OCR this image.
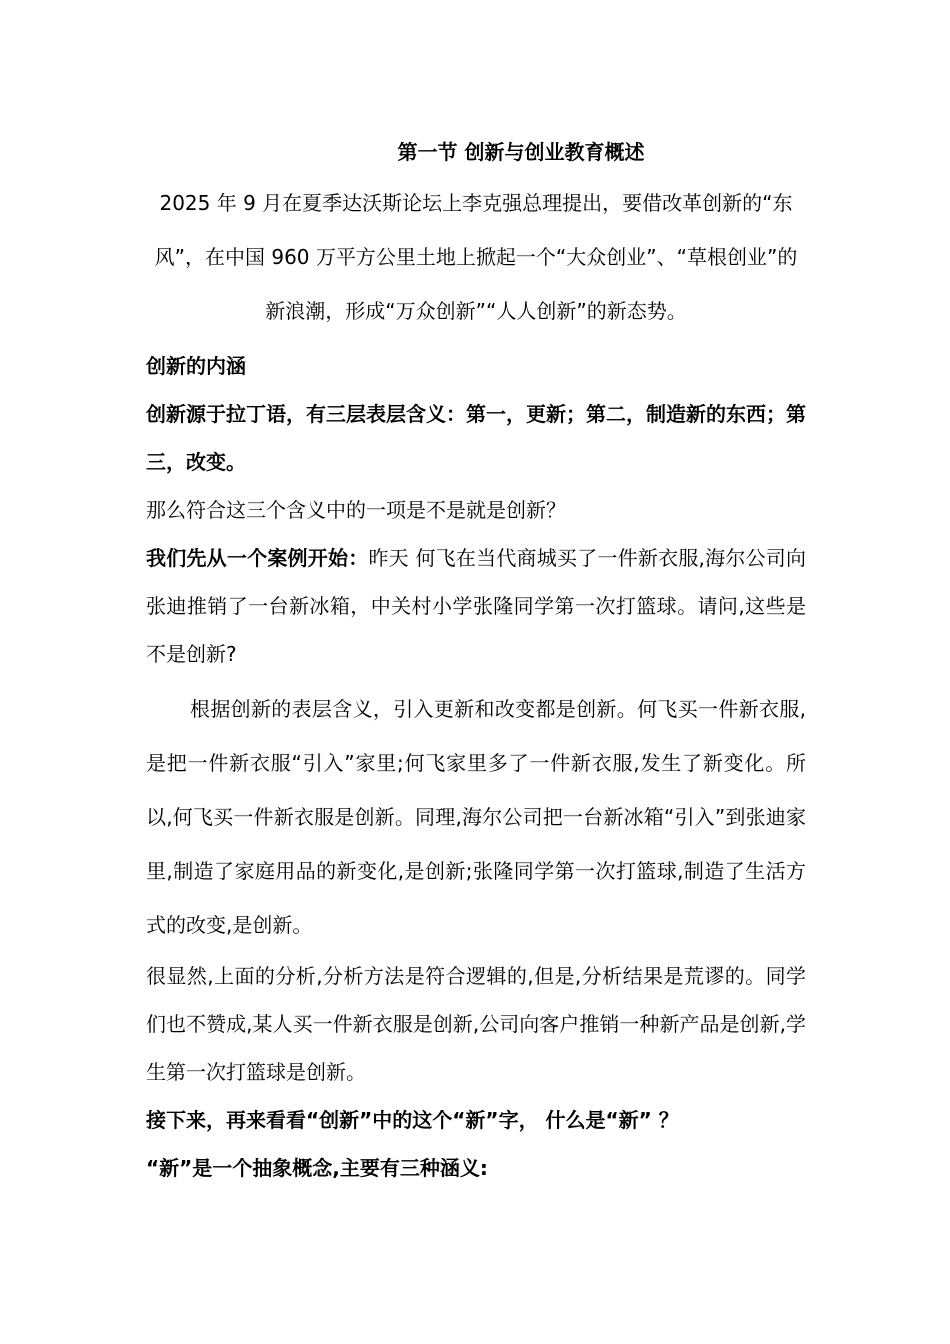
第一节 创新与创业教育概述

2025 年 9 月在夏季达沃斯论坛上李克强总理提出，要借改革创新的“东风”，在中国 960 万平方公里土地上掀起一个“大众创业”、“草根创业”的新浪潮，形成“万众创新”“人人创新”的新态势。

创新的内涵

创新源于拉丁语，有三层表层含义：第一，更新；第二，制造新的东西；第三，改变。

那么符合这三个含义中的一项是不是就是创新？

我们先从一个案例开始：昨天 何飞在当代商城买了一件新衣服,海尔公司向张迪推销了一台新冰箱，中关村小学张隆同学第一次打篮球。请问,这些是不是创新?

根据创新的表层含义，引入更新和改变都是创新。何飞买一件新衣服,是把一件新衣服“引入”家里;何飞家里多了一件新衣服,发生了新变化。所以,何飞买一件新衣服是创新。同理,海尔公司把一台新冰箱“引入”到张迪家里,制造了家庭用品的新变化,是创新;张隆同学第一次打篮球,制造了生活方式的改变,是创新。

很显然,上面的分析,分析方法是符合逻辑的,但是,分析结果是荒谬的。同学们也不赞成,某人买一件新衣服是创新,公司向客户推销一种新产品是创新,学生第一次打篮球是创新。

接下来，再来看看“创新”中的这个“新”字， 什么是“新” ？

“新”是一个抽象概念,主要有三种涵义:
